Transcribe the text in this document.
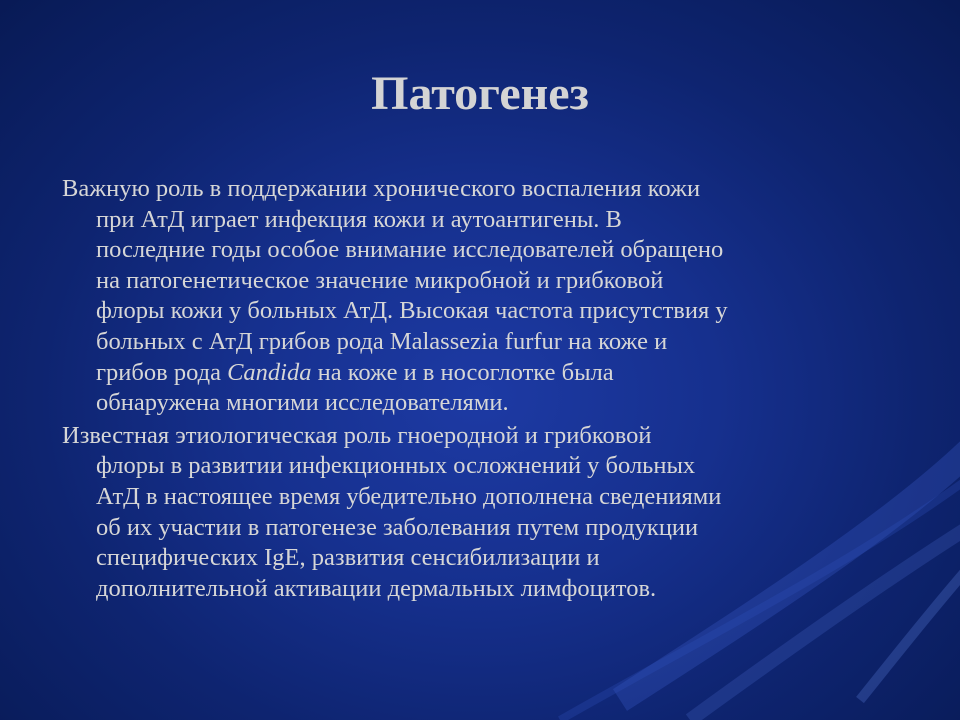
Патогенез

Важную роль в поддержании хронического воспаления кожи
при АтД играет инфекция кожи и аутоантигены. В
последние годы особое внимание исследователей обращено
на патогенетическое значение микробной и грибковой
флоры кожи у больных АтД. Высокая частота присутствия у
больных с АтД грибов рода Malassezia furfur на коже и
грибов рода Candida на коже и в носоглотке была
обнаружена многими исследователями.

Известная этиологическая роль гноеродной и грибковой
флоры в развитии инфекционных осложнений у больных
АтД в настоящее время убедительно дополнена сведениями
об их участии в патогенезе заболевания путем продукции
специфических IgE, развития сенсибилизации и
дополнительной активации дермальных лимфоцитов.
